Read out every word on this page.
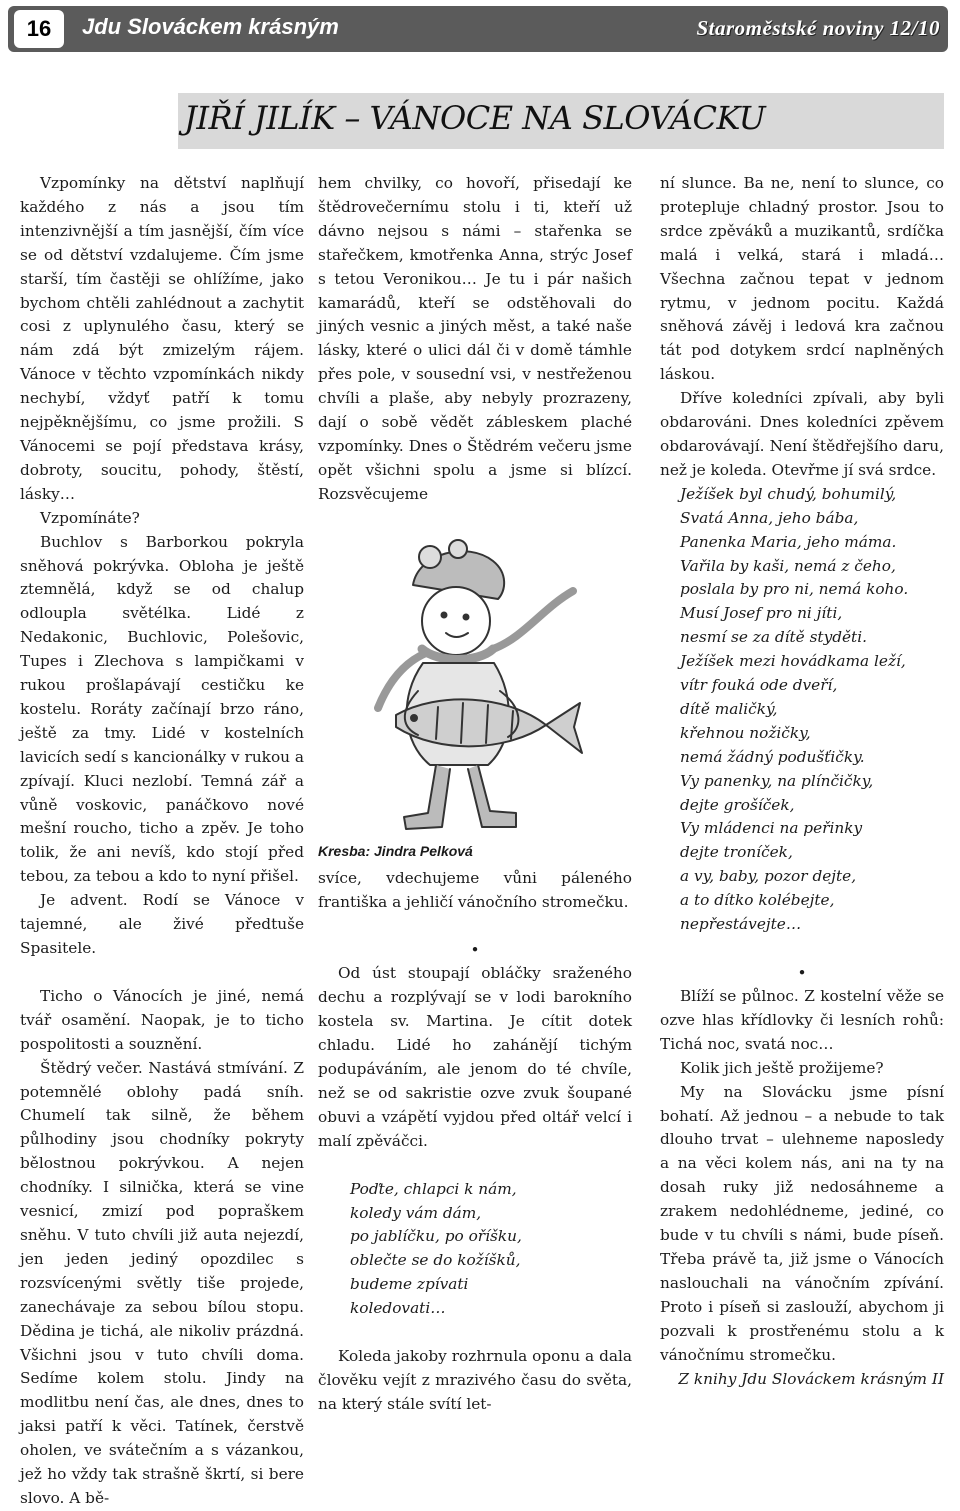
16	Jdu Slováckem krásným	Staroměstské noviny 12/10
JIŘÍ JILÍK – VÁNOCE NA SLOVÁCKU

Vzpomínky na dětství naplňují každého z nás a jsou tím intenzivnější a tím jasnější, čím více se od dětství vzdalujeme. Čím jsme starší, tím častěji se ohlížíme, jako bychom chtěli zahlédnout a zachytit cosi z uplynulého času, který se nám zdá být zmizelým rájem. Vánoce v těchto vzpomínkách nikdy nechybí, vždyť patří k tomu nejpěknějšímu, co jsme prožili. S Vánocemi se pojí představa krásy, dobroty, soucitu, pohody, štěstí, lásky…

Vzpomínáte?

Buchlov s Barborkou pokryla sněhová pokrývka. Obloha je ještě ztemnělá, když se od chalup odloupla světélka. Lidé z Nedakonic, Buchlovic, Polešovic, Tupes i Zlechova s lampičkami v rukou prošlapávají cestičku ke kostelu. Roráty začínají brzo ráno, ještě za tmy. Lidé v kostelních lavicích sedí s kancionálky v rukou a zpívají. Kluci nezlobí. Temná zář a vůně voskovic, panáčkovo nové mešní roucho, ticho a zpěv. Je toho tolik, že ani nevíš, kdo stojí před tebou, za tebou a kdo to nyní přišel.

Je advent. Rodí se Vánoce v tajemné, ale živé předtuše Spasitele.

Ticho o Vánocích je jiné, nemá tvář osamění. Naopak, je to ticho pospolitosti a souznění.

Štědrý večer. Nastává stmívání. Z potemnělé oblohy padá sníh. Chumelí tak silně, že během půlhodiny jsou chodníky pokryty bělostnou pokrývkou. A nejen chodníky. I silnička, která se vine vesnicí, zmizí pod popraškem sněhu. V tuto chvíli již auta nejezdí, jen jeden jediný opozdilec s rozsvícenými světly tiše projede, zanechávaje za sebou bílou stopu. Dědina je tichá, ale nikoliv prázdná. Všichni jsou v tuto chvíli doma. Sedíme kolem stolu. Jindy na modlitbu není čas, ale dnes, dnes to jaksi patří k věci. Tatínek, čerstvě oholen, ve svátečním a s vázankou, jež ho vždy tak strašně škrtí, si bere slovo. A bě-

hem chvilky, co hovoří, přisedají ke štědrovečernímu stolu i ti, kteří už dávno nejsou s námi – stařenka se stařečkem, kmotřenka Anna, strýc Josef s tetou Veronikou… Je tu i pár našich kamarádů, kteří se odstěhovali do jiných vesnic a jiných měst, a také naše lásky, které o ulici dál či v domě támhle přes pole, v sousední vsi, v nestřeženou chvíli a plaše, aby nebyly prozrazeny, dají o sobě vědět zábleskem plaché vzpomínky. Dnes o Štědrém večeru jsme opět všichni spolu a jsme si blízcí. Rozsvěcujeme

Kresba: Jindra Pelková

svíce, vdechujeme vůni páleného františka a jehličí vánočního stromečku.

•

Od úst stoupají obláčky sraženého dechu a rozplývají se v lodi barokního kostela sv. Martina. Je cítit dotek chladu. Lidé ho zahánějí tichým podupáváním, ale jenom do té chvíle, než se od sakristie ozve zvuk šoupané obuvi a vzápětí vyjdou před oltář velcí i malí zpěváčci.

Poďte, chlapci k nám,

koledy vám dám,

po jablíčku, po oříšku,

oblečte se do kožíšků,

budeme zpívati

koledovati…

Koleda jakoby rozhrnula oponu a dala člověku vejít z mrazivého času do světa, na který stále svítí let-

ní slunce. Ba ne, není to slunce, co protepluje chladný prostor. Jsou to srdce zpěváků a muzikantů, srdíčka malá i velká, stará i mladá… Všechna začnou tepat v jednom rytmu, v jednom pocitu. Každá sněhová závěj i ledová kra začnou tát pod dotykem srdcí naplněných láskou.

Dříve koledníci zpívali, aby byli obdarováni. Dnes koledníci zpěvem obdarovávají. Není štědřejšího daru, než je koleda. Otevřme jí svá srdce.

Ježíšek byl chudý, bohumilý,

Svatá Anna, jeho bába,

Panenka Maria, jeho máma.

Vařila by kaši, nemá z čeho,

poslala by pro ni, nemá koho.

Musí Josef pro ni jíti,

nesmí se za dítě styděti.

Ježíšek mezi hovádkama leží,

vítr fouká ode dveří,

dítě maličký,

křehnou nožičky,

nemá žádný podušťičky.

Vy panenky, na plínčičky,

dejte grošíček,

Vy mládenci na peřinky

dejte troníček,

a vy, baby, pozor dejte,

a to dítko kolébejte,

nepřestávejte…

•

Blíží se půlnoc. Z kostelní věže se ozve hlas křídlovky či lesních rohů: Tichá noc, svatá noc…

Kolik jich ještě prožijeme?

My na Slovácku jsme písní bohatí. Až jednou – a nebude to tak dlouho trvat – ulehneme naposledy a na věci kolem nás, ani na ty na dosah ruky již nedosáhneme a zrakem nedohlédneme, jediné, co bude v tu chvíli s námi, bude píseň. Třeba právě ta, již jsme o Vánocích naslouchali na vánočním zpívání. Proto i píseň si zaslouží, abychom ji pozvali k prostřenému stolu a k vánočnímu stromečku.

Z knihy Jdu Slováckem krásným II
